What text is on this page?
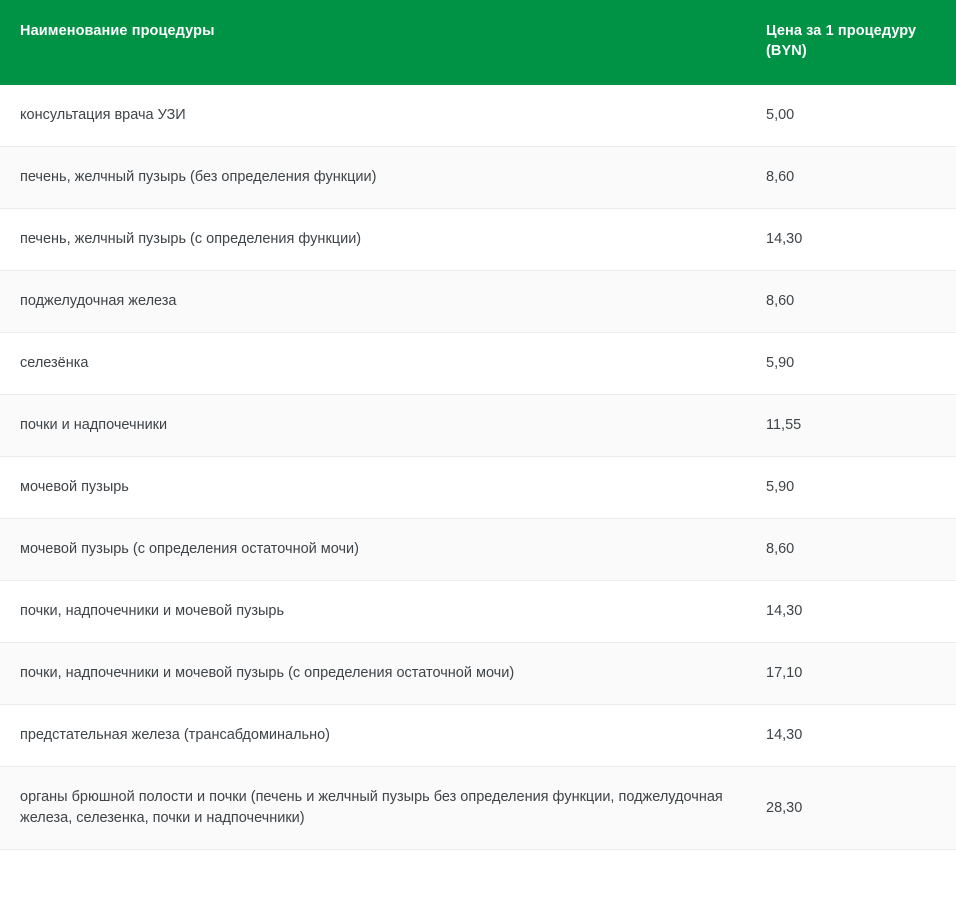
Наименование процедуры	Цена за 1 процедуру
(BYN)

консультация врача УЗИ	5,00
печень, желчный пузырь (без определения функции)	8,60
печень, желчный пузырь (с определения функции)	14,30
поджелудочная железа	8,60
селезёнка	5,90
почки и надпочечники	11,55
мочевой пузырь	5,90
мочевой пузырь (с определения остаточной мочи)	8,60
почки, надпочечники и мочевой пузырь	14,30
почки, надпочечники и мочевой пузырь (с определения остаточной мочи)	17,10
предстательная железа (трансабдоминально)	14,30
органы брюшной полости и почки (печень и желчный пузырь без определения функции, поджелудочная железа, селезенка, почки и надпочечники)	28,30
